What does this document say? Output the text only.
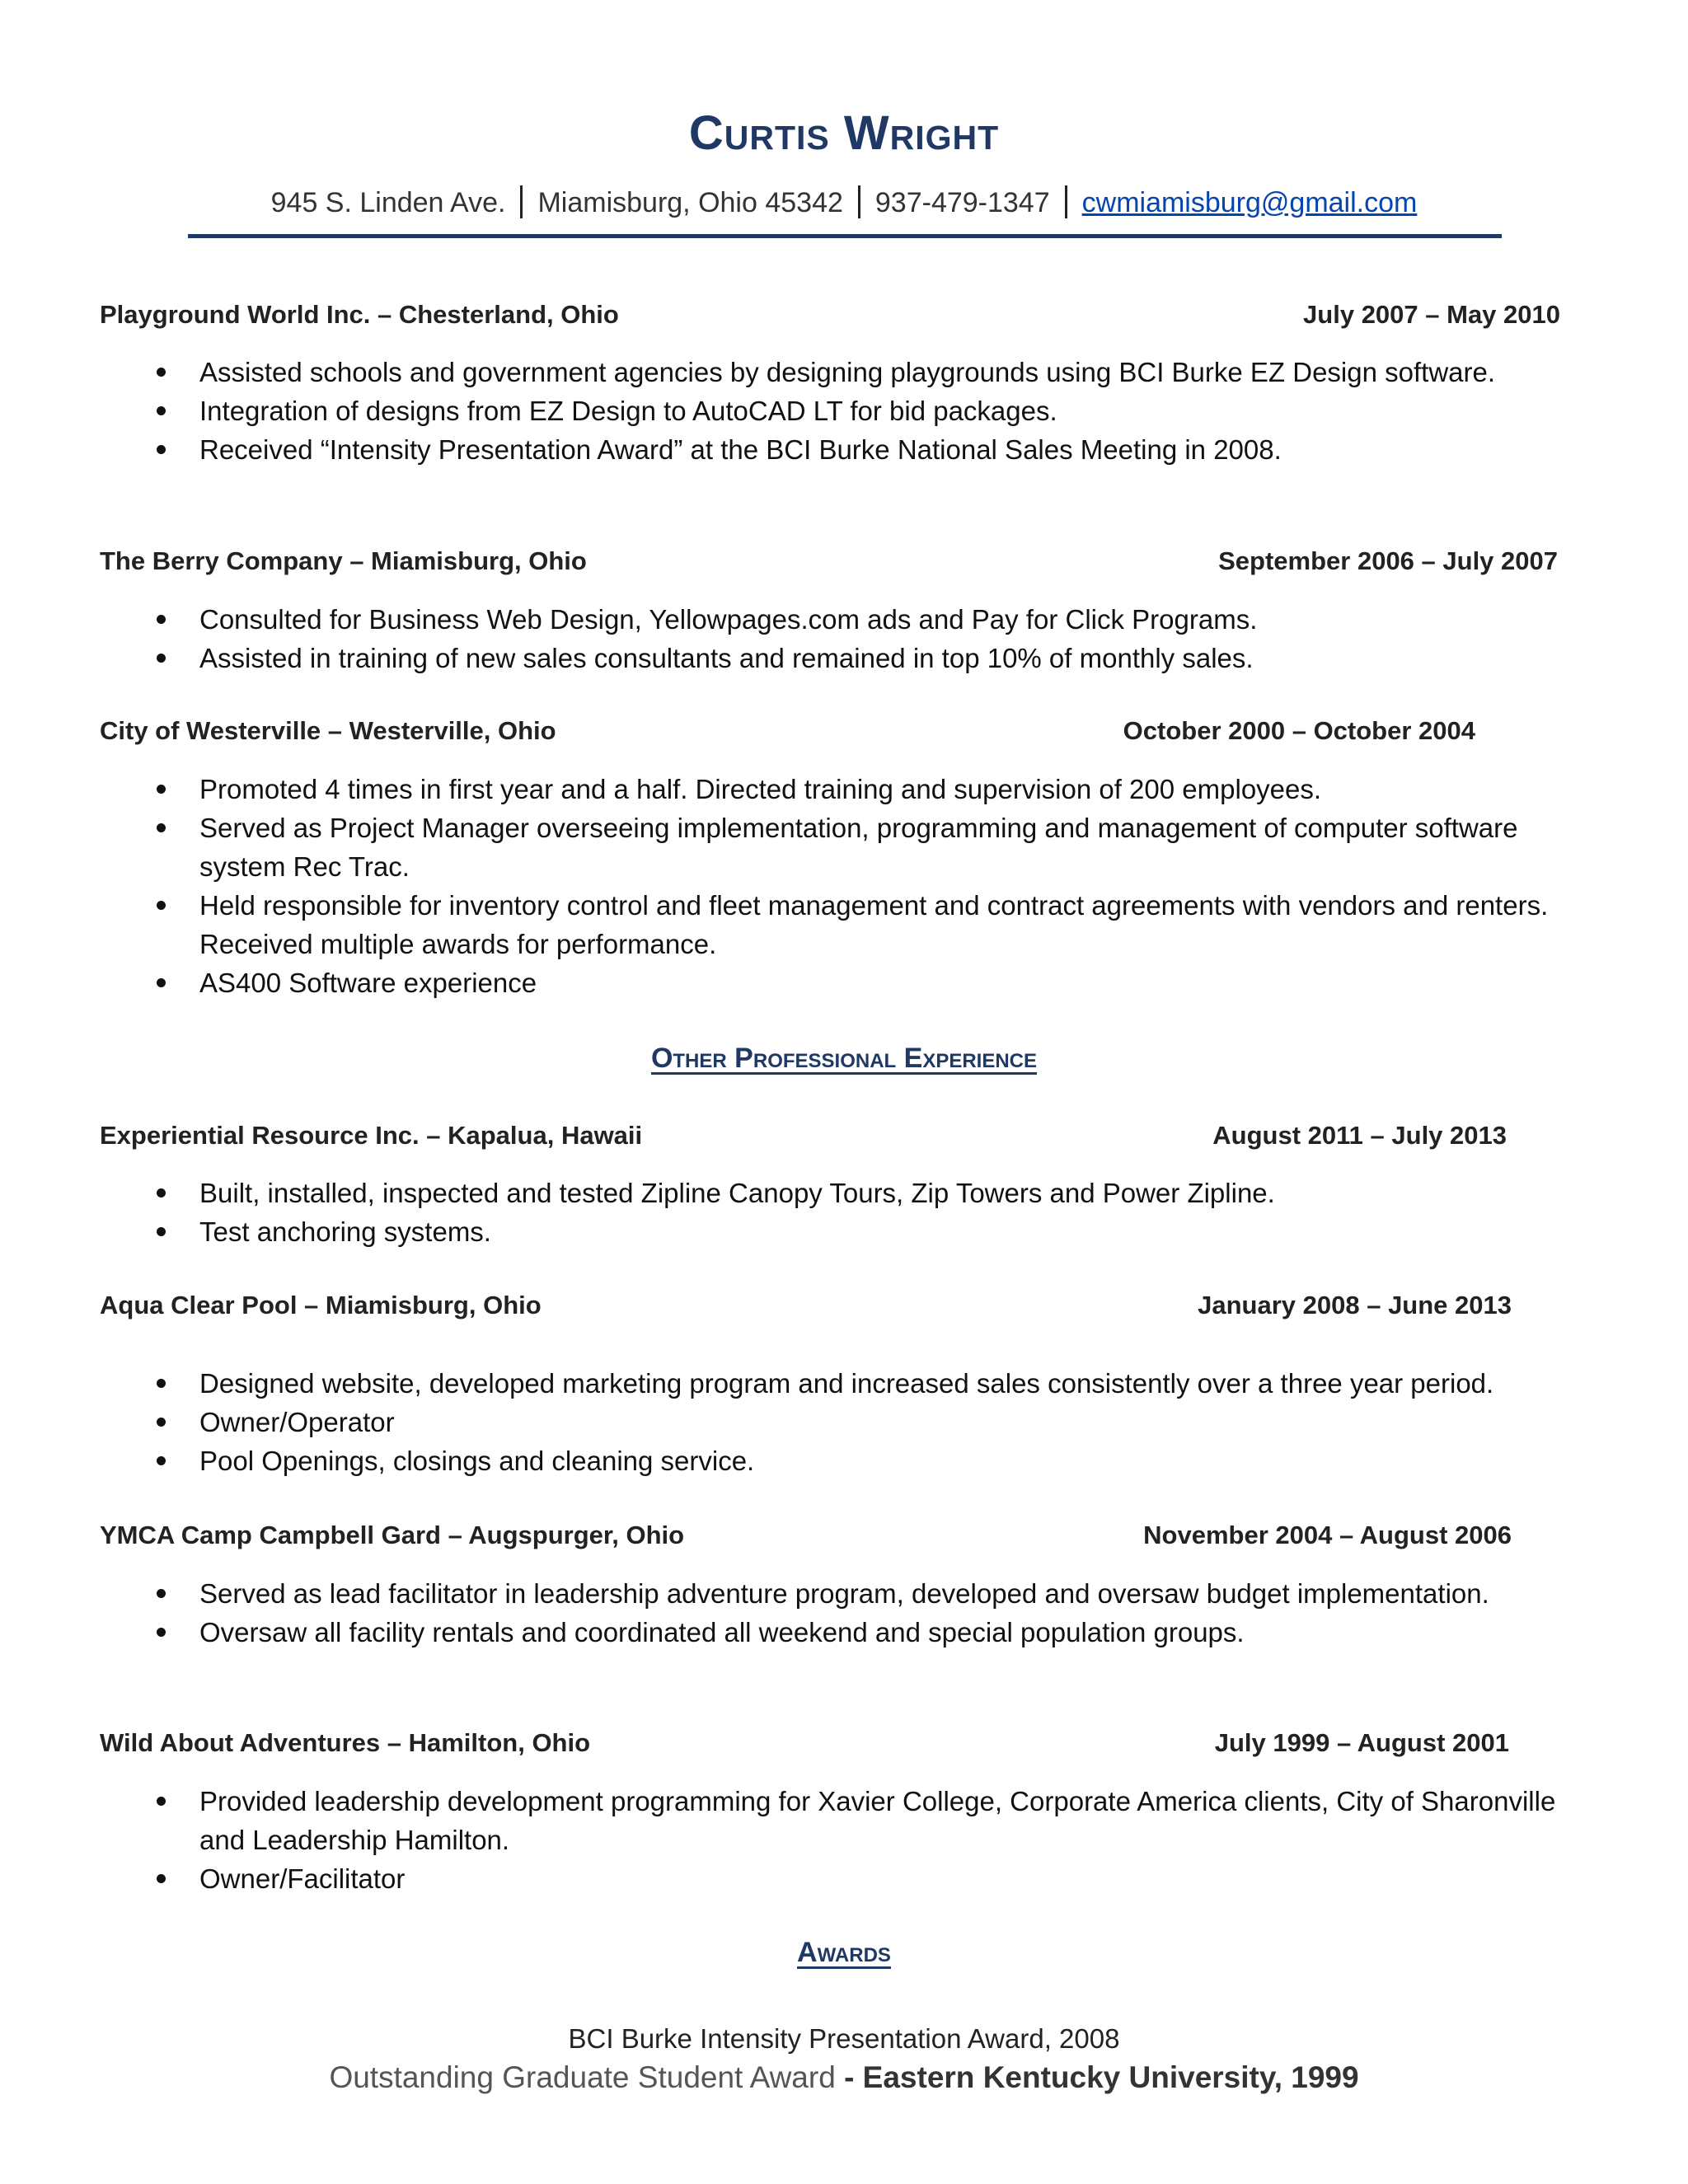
Curtis Wright
945 S. Linden Ave. Miamisburg, Ohio 45342 937-479-1347 cwmiamisburg@gmail.com
Playground World Inc. – Chesterland, Ohio	July 2007 – May 2010
Assisted schools and government agencies by designing playgrounds using BCI Burke EZ Design software.
Integration of designs from EZ Design to AutoCAD LT for bid packages.
Received “Intensity Presentation Award” at the BCI Burke National Sales Meeting in 2008.
The Berry Company – Miamisburg, Ohio	September 2006 – July 2007
Consulted for Business Web Design, Yellowpages.com ads and Pay for Click Programs.
Assisted in training of new sales consultants and remained in top 10% of monthly sales.
City of Westerville – Westerville, Ohio	October 2000 – October 2004
Promoted 4 times in first year and a half. Directed training and supervision of 200 employees.
Served as Project Manager overseeing implementation, programming and management of computer software system Rec Trac.
Held responsible for inventory control and fleet management and contract agreements with vendors and renters. Received multiple awards for performance.
AS400 Software experience
Other Professional Experience
Experiential Resource Inc. – Kapalua, Hawaii	August 2011 – July 2013
Built, installed, inspected and tested Zipline Canopy Tours, Zip Towers and Power Zipline.
Test anchoring systems.
Aqua Clear Pool – Miamisburg, Ohio	January 2008 – June 2013
Designed website, developed marketing program and increased sales consistently over a three year period.
Owner/Operator
Pool Openings, closings and cleaning service.
YMCA Camp Campbell Gard – Augspurger, Ohio	November 2004 – August 2006
Served as lead facilitator in leadership adventure program, developed and oversaw budget implementation.
Oversaw all facility rentals and coordinated all weekend and special population groups.
Wild About Adventures – Hamilton, Ohio	July 1999 – August 2001
Provided leadership development programming for Xavier College, Corporate America clients, City of Sharonville and Leadership Hamilton.
Owner/Facilitator
Awards
BCI Burke Intensity Presentation Award, 2008
Outstanding Graduate Student Award - Eastern Kentucky University, 1999
